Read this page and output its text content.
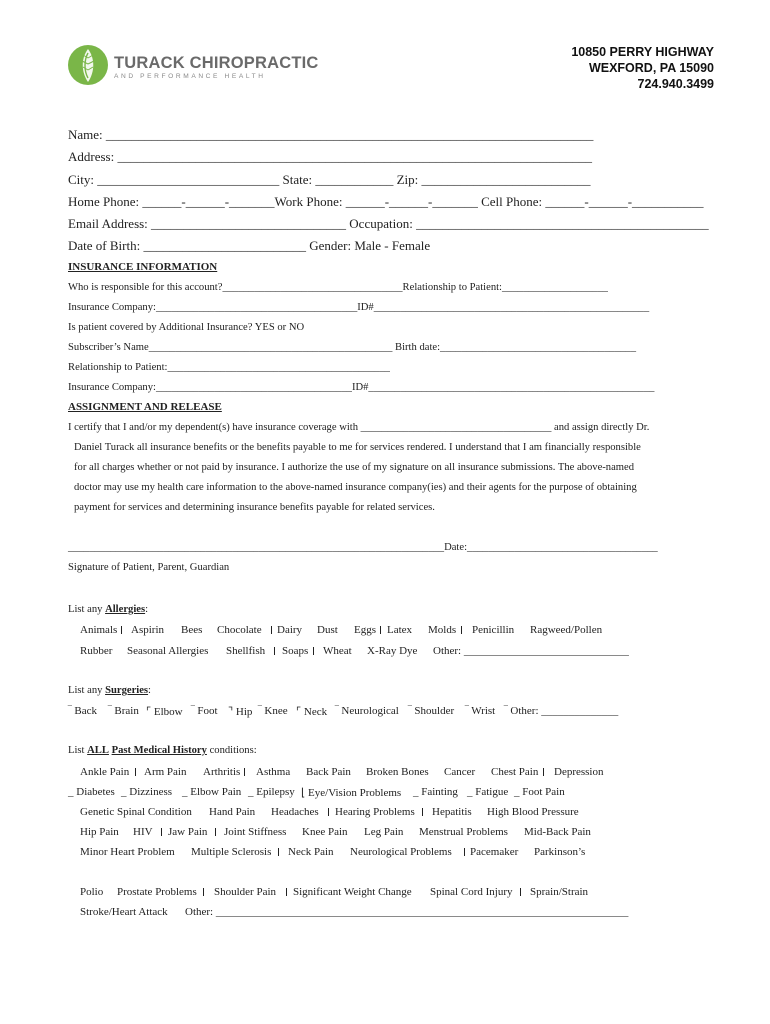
TURACK CHIROPRACTIC
AND PERFORMANCE HEALTH
10850 PERRY HIGHWAY
WEXFORD, PA 15090
724.940.3499
Name: ___________________________________________________________________________
Address: _________________________________________________________________________
City: ____________________________ State: ____________ Zip: __________________________
Home Phone: ______-______-_______Work Phone: ______-______-_______ Cell Phone: ______-______-___________
Email Address: ______________________________ Occupation: _____________________________________________
Date of Birth: _________________________ Gender: Male - Female
INSURANCE INFORMATION
Who is responsible for this account?__________________________________Relationship to Patient:____________________
Insurance Company:______________________________________ID#____________________________________________________
Is patient covered by Additional Insurance? YES or NO
Subscriber’s Name______________________________________________ Birth date:_____________________________________
Relationship to Patient:__________________________________________
Insurance Company:_____________________________________ID#______________________________________________________
ASSIGNMENT AND RELEASE
I certify that I and/or my dependent(s) have insurance coverage with ____________________________________ and assign directly Dr.
Daniel Turack all insurance benefits or the benefits payable to me for services rendered. I understand that I am financially responsible
for all charges whether or not paid by insurance. I authorize the use of my signature on all insurance submissions. The above-named
doctor may use my health care information to the above-named insurance company(ies) and their agents for the purpose of obtaining
payment for services and determining insurance benefits payable for related services.
_______________________________________________________________________Date:____________________________________
Signature of Patient, Parent, Guardian
List any Allergies:
Animals Aspirin Bees Chocolate Dairy Dust Eggs Latex Molds Penicillin Ragweed/Pollen
Rubber Seasonal Allergies Shellfish Soaps Wheat X-Ray Dye Other: ______________________________
List any Surgeries:
‾ Back ‾ Brain ⌜ Elbow ‾ Foot ⌝ Hip ‾ Knee ⌜ Neck ‾ Neurological ‾ Shoulder ‾ Wrist ‾ Other: ______________
List ALL Past Medical History conditions:
Ankle Pain Arm Pain Arthritis Asthma Back Pain Broken Bones Cancer Chest Pain Depression
_ Diabetes _ Dizziness _ Elbow Pain _ Epilepsy ⌊ Eye/Vision Problems _ Fainting _ Fatigue _ Foot Pain
Genetic Spinal Condition Hand Pain Headaches Hearing Problems Hepatitis High Blood Pressure
Hip Pain HIV Jaw Pain Joint Stiffness Knee Pain Leg Pain Menstrual Problems Mid-Back Pain
Minor Heart Problem Multiple Sclerosis Neck Pain Neurological Problems Pacemaker Parkinson’s
Polio Prostate Problems Shoulder Pain Significant Weight Change Spinal Cord Injury Sprain/Strain
Stroke/Heart Attack Other: ___________________________________________________________________________
